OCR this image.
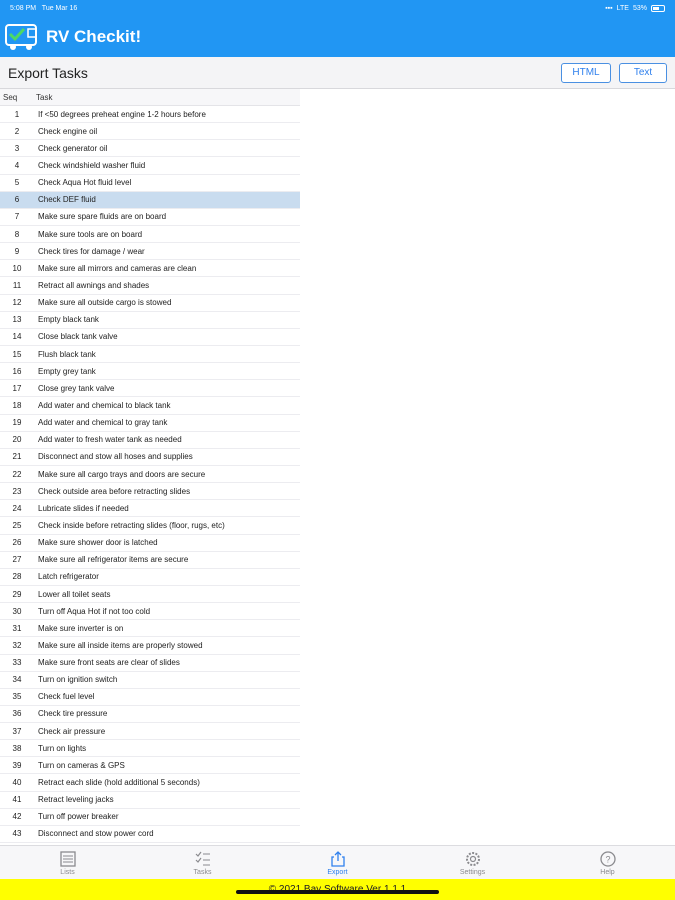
5:08 PM Tue Mar 16	▪▪▪ LTE 53%
RV Checkit!
Export Tasks	HTML	Text
Seq	Task
1	If <50 degrees preheat engine 1-2 hours before
2	Check engine oil
3	Check generator oil
4	Check windshield washer fluid
5	Check Aqua Hot fluid level
6	Check DEF fluid
7	Make sure spare fluids are on board
8	Make sure tools are on board
9	Check tires for damage / wear
10	Make sure all mirrors and cameras are clean
11	Retract all awnings and shades
12	Make sure all outside cargo is stowed
13	Empty black tank
14	Close black tank valve
15	Flush black tank
16	Empty grey tank
17	Close grey tank valve
18	Add water and chemical to black tank
19	Add water and chemical to gray tank
20	Add water to fresh water tank as needed
21	Disconnect and stow all hoses and supplies
22	Make sure all cargo trays and doors are secure
23	Check outside area before retracting slides
24	Lubricate slides if needed
25	Check inside before retracting slides (floor, rugs, etc)
26	Make sure shower door is latched
27	Make sure all refrigerator items are secure
28	Latch refrigerator
29	Lower all toilet seats
30	Turn off Aqua Hot if not too cold
31	Make sure inverter is on
32	Make sure all inside items are properly stowed
33	Make sure front seats are clear of slides
34	Turn on ignition switch
35	Check fuel level
36	Check tire pressure
37	Check air pressure
38	Turn on lights
39	Turn on cameras & GPS
40	Retract each slide (hold additional 5 seconds)
41	Retract leveling jacks
42	Turn off power breaker
43	Disconnect and stow power cord
Lists	Tasks	Export	Settings
?
Help
